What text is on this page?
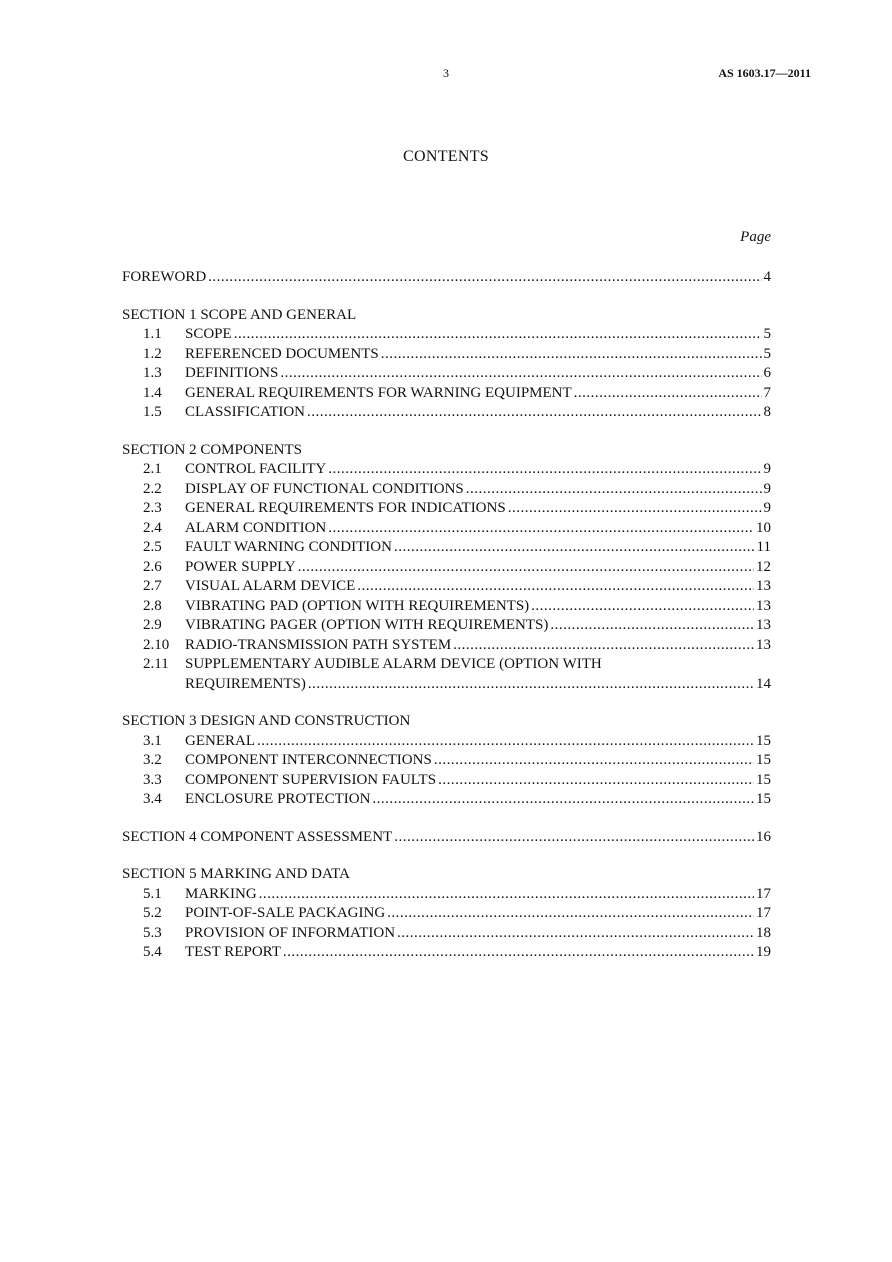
3	AS 1603.17—2011
CONTENTS
Page
FOREWORD .....	4
SECTION 1 SCOPE AND GENERAL
1.1	SCOPE .....	5
1.2	REFERENCED DOCUMENTS .....	5
1.3	DEFINITIONS .....	6
1.4	GENERAL REQUIREMENTS FOR WARNING EQUIPMENT .....	7
1.5	CLASSIFICATION .....	8
SECTION 2 COMPONENTS
2.1	CONTROL FACILITY .....	9
2.2	DISPLAY OF FUNCTIONAL CONDITIONS .....	9
2.3	GENERAL REQUIREMENTS FOR INDICATIONS .....	9
2.4	ALARM CONDITION .....	10
2.5	FAULT WARNING CONDITION .....	11
2.6	POWER SUPPLY .....	12
2.7	VISUAL ALARM DEVICE .....	13
2.8	VIBRATING PAD (OPTION WITH REQUIREMENTS) .....	13
2.9	VIBRATING PAGER (OPTION WITH REQUIREMENTS) .....	13
2.10	RADIO-TRANSMISSION PATH SYSTEM .....	13
2.11	SUPPLEMENTARY AUDIBLE ALARM DEVICE (OPTION WITH
REQUIREMENTS) .....	14
SECTION 3 DESIGN AND CONSTRUCTION
3.1	GENERAL .....	15
3.2	COMPONENT INTERCONNECTIONS .....	15
3.3	COMPONENT SUPERVISION FAULTS .....	15
3.4	ENCLOSURE PROTECTION .....	15
SECTION 4 COMPONENT ASSESSMENT .....	16
SECTION 5 MARKING AND DATA
5.1	MARKING .....	17
5.2	POINT-OF-SALE PACKAGING .....	17
5.3	PROVISION OF INFORMATION .....	18
5.4	TEST REPORT .....	19
